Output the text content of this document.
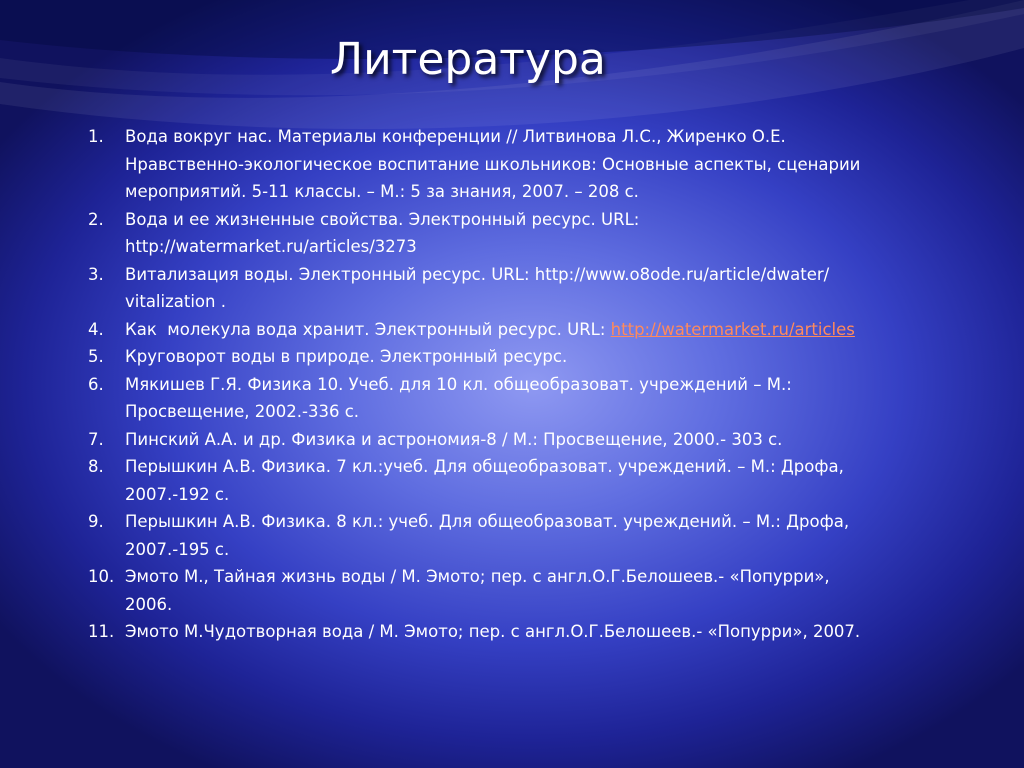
Литература
1. Вода вокруг нас. Материалы конференции // Литвинова Л.С., Жиренко О.Е.
Нравственно-экологическое воспитание школьников: Основные аспекты, сценарии
мероприятий. 5-11 классы. – М.: 5 за знания, 2007. – 208 с.
2. Вода и ее жизненные свойства. Электронный ресурс. URL:
http://watermarket.ru/articles/3273
3. Витализация воды. Электронный ресурс. URL: http://www.o8ode.ru/article/dwater/
vitalization .
4. Как  молекула вода хранит. Электронный ресурс. URL: http://watermarket.ru/articles
5. Круговорот воды в природе. Электронный ресурс.
6. Мякишев Г.Я. Физика 10. Учеб. для 10 кл. общеобразоват. учреждений – М.:
Просвещение, 2002.-336 с.
7. Пинский А.А. и др. Физика и астрономия-8 / М.: Просвещение, 2000.- 303 с.
8. Перышкин А.В. Физика. 7 кл.:учеб. Для общеобразоват. учреждений. – М.: Дрофа,
2007.-192 с.
9. Перышкин А.В. Физика. 8 кл.: учеб. Для общеобразоват. учреждений. – М.: Дрофа,
2007.-195 с.
10. Эмото М., Тайная жизнь воды / М. Эмото; пер. с англ.О.Г.Белошеев.- «Попурри»,
2006.
11. Эмото М.Чудотворная вода / М. Эмото; пер. с англ.О.Г.Белошеев.- «Попурри», 2007.
